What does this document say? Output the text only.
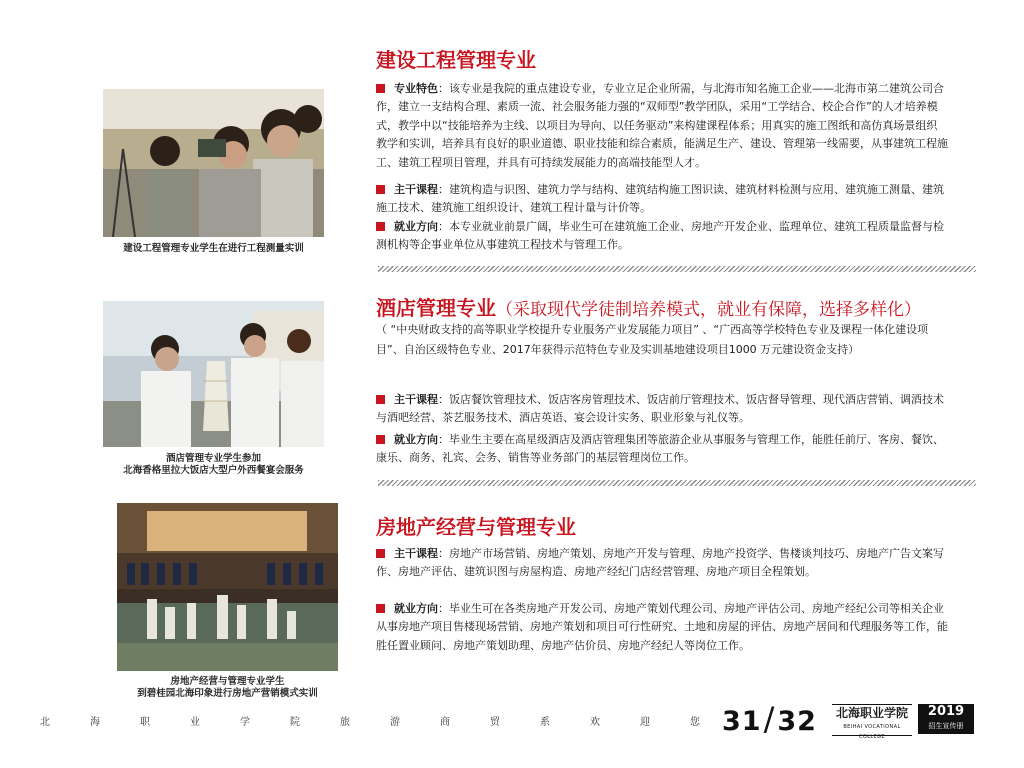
建设工程管理专业学生在进行工程测量实训
酒店管理专业学生参加
北海香格里拉大饭店大型户外西餐宴会服务
房地产经营与管理专业学生
到碧桂园北海印象进行房地产营销模式实训
建设工程管理专业
专业特色：该专业是我院的重点建设专业，专业立足企业所需，与北海市知名施工企业——北海市第二建筑公司合作，建立一支结构合理、素质一流、社会服务能力强的“双师型”教学团队，采用“工学结合、校企合作”的人才培养模式，教学中以“技能培养为主线、以项目为导向、以任务驱动”来构建课程体系；用真实的施工图纸和高仿真场景组织教学和实训，培养具有良好的职业道德、职业技能和综合素质，能满足生产、建设、管理第一线需要，从事建筑工程施工、建筑工程项目管理，并具有可持续发展能力的高端技能型人才。
主干课程：建筑构造与识图、建筑力学与结构、建筑结构施工图识读、建筑材料检测与应用、建筑施工测量、建筑施工技术、建筑施工组织设计、建筑工程计量与计价等。
就业方向：本专业就业前景广阔，毕业生可在建筑施工企业、房地产开发企业、监理单位、建筑工程质量监督与检测机构等企事业单位从事建筑工程技术与管理工作。
酒店管理专业（采取现代学徒制培养模式，就业有保障，选择多样化）
（ “中央财政支持的高等职业学校提升专业服务产业发展能力项目” 、“广西高等学校特色专业及课程一体化建设项目”、自治区级特色专业、2017年获得示范特色专业及实训基地建设项目1000 万元建设资金支持）
主干课程：饭店餐饮管理技术、饭店客房管理技术、饭店前厅管理技术、饭店督导管理、现代酒店营销、调酒技术与酒吧经营、茶艺服务技术、酒店英语、宴会设计实务、职业形象与礼仪等。
就业方向：毕业生主要在高星级酒店及酒店管理集团等旅游企业从事服务与管理工作，能胜任前厅、客房、餐饮、康乐、商务、礼宾、会务、销售等业务部门的基层管理岗位工作。
房地产经营与管理专业
主干课程：房地产市场营销、房地产策划、房地产开发与管理、房地产投资学、售楼谈判技巧、房地产广告文案写作、房地产评估、建筑识图与房屋构造、房地产经纪门店经营管理、房地产项目全程策划。
就业方向：毕业生可在各类房地产开发公司、房地产策划代理公司、房地产评估公司、房地产经纪公司等相关企业从事房地产项目售楼现场营销、房地产策划和项目可行性研究、土地和房屋的评估、房地产居间和代理服务等工作，能胜任置业顾问、房地产策划助理、房地产估价员、房地产经纪人等岗位工作。
北	海	职	业	学	院	旅	游	商	贸	系	欢	迎	您 31/32	北海职业学院
BEIHAI VOCATIONAL COLLEGE
2019
招生宣传册
